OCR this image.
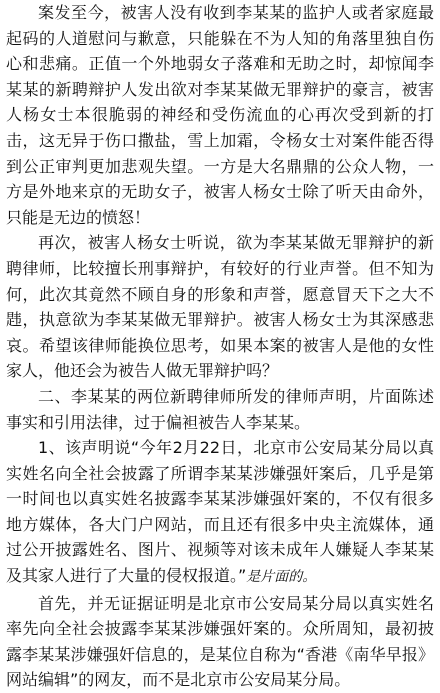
案发至今，被害人没有收到李某某的监护人或者家庭最起码的人道慰问与歉意，只能躲在不为人知的角落里独自伤心和悲痛。正值一个外地弱女子落难和无助之时，却惊闻李某某的新聘辩护人发出欲对李某某做无罪辩护的豪言，被害人杨女士本很脆弱的神经和受伤流血的心再次受到新的打击，这无异于伤口撒盐，雪上加霜，令杨女士对案件能否得到公正审判更加悲观失望。一方是大名鼎鼎的公众人物，一方是外地来京的无助女子，被害人杨女士除了听天由命外，只能是无边的愤怒！

再次，被害人杨女士听说，欲为李某某做无罪辩护的新聘律师，比较擅长刑事辩护，有较好的行业声誉。但不知为何，此次其竟然不顾自身的形象和声誉，愿意冒天下之大不韪，执意欲为李某某做无罪辩护。被害人杨女士为其深感悲哀。希望该律师能换位思考，如果本案的被害人是他的女性家人，他还会为被告人做无罪辩护吗？

二、李某某的两位新聘律师所发的律师声明，片面陈述事实和引用法律，过于偏袒被告人李某某。

1、该声明说“今年2月22日，北京市公安局某分局以真实姓名向全社会披露了所谓李某某涉嫌强奸案后，几乎是第一时间也以真实姓名披露李某某涉嫌强奸案的，不仅有很多地方媒体，各大门户网站，而且还有很多中央主流媒体，通过公开披露姓名、图片、视频等对该未成年人嫌疑人李某某及其家人进行了大量的侵权报道。”是片面的。

首先，并无证据证明是北京市公安局某分局以真实姓名率先向全社会披露李某某涉嫌强奸案的。众所周知，最初披露李某某涉嫌强奸信息的，是某位自称为“香港《南华早报》网站编辑”的网友，而不是北京市公安局某分局。
